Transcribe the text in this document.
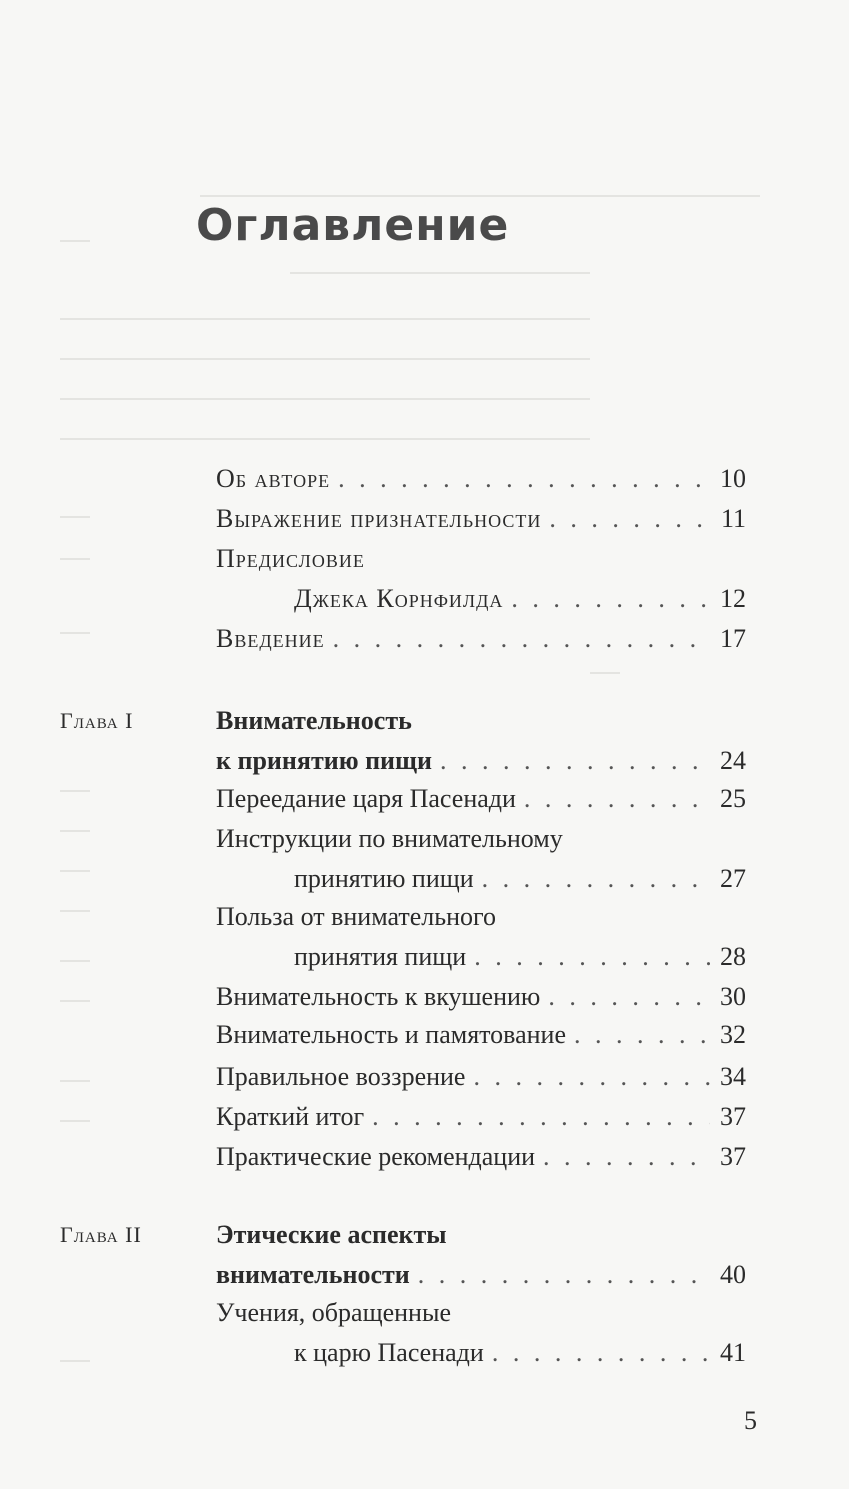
Оглавление
Об авторе . . .	10
Выражение признательности . . .	11
Предисловие
Джека Корнфилда . . .	12
Введение . . .	17
Глава I	Внимательность
к принятию пищи . . .	24
Переедание царя Пасенади . . .	25
Инструкции по внимательному
принятию пищи . . .	27
Польза от внимательного
принятия пищи . . .	28
Внимательность к вкушению . . .	30
Внимательность и памятование . . .	32
Правильное воззрение . . .	34
Краткий итог . . .	37
Практические рекомендации . . .	37
Глава II	Этические аспекты
внимательности . . .	40
Учения, обращенные
к царю Пасенади . . .	41
5
